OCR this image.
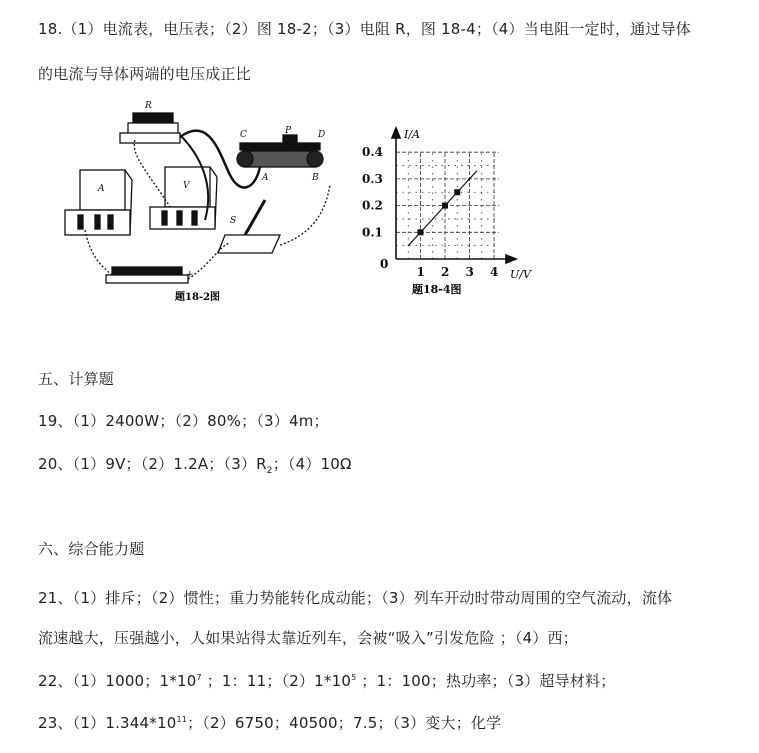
18.（1）电流表，电压表；（2）图 18-2；（3）电阻 R，图 18-4；（4）当电阻一定时，通过导体
的电流与导体两端的电压成正比
R
C	P	D
A	B
S
A	V
+
题18-2图
1 2 3 4
0.1
0.2
0.3
0.4
I/A
U/V
0
题18-4图
五、计算题
19、（1）2400W；（2）80%；（3）4m；
20、（1）9V；（2）1.2A；$(3)R_2$；（4）10Ω
六、综合能力题
21、（1）排斥；（2）惯性；重力势能转化成动能；（3）列车开动时带动周围的空气流动，流体
流速越大，压强越小，人如果站得太靠近列车，会被“吸入”引发危险 ；（4）西；
22、（1）1000；$1*10^7$ ；1：11；$(2)1*10^5$ ；1：100；热功率；（3）超导材料；
23、$(1)1.344*10^{11}$；（2）6750；40500；7.5；（3）变大；化学
